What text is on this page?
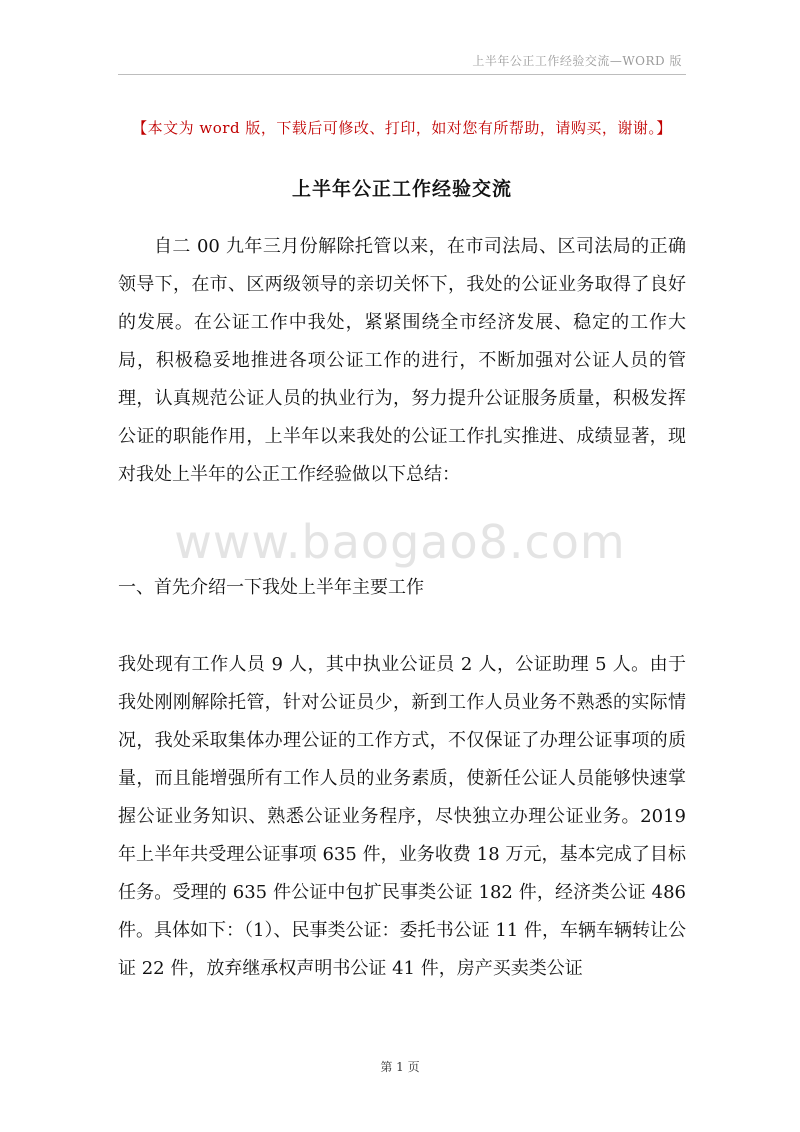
上半年公正工作经验交流—WORD 版
【本文为 word 版，下载后可修改、打印，如对您有所帮助，请购买，谢谢。】
上半年公正工作经验交流

自二 00 九年三月份解除托管以来，在市司法局、区司法局的正确领导下，在市、区两级领导的亲切关怀下，我处的公证业务取得了良好的发展。在公证工作中我处，紧紧围绕全市经济发展、稳定的工作大局，积极稳妥地推进各项公证工作的进行，不断加强对公证人员的管理，认真规范公证人员的执业行为，努力提升公证服务质量，积极发挥公证的职能作用，上半年以来我处的公证工作扎实推进、成绩显著，现对我处上半年的公正工作经验做以下总结：

www.baogao8.com
一、首先介绍一下我处上半年主要工作

我处现有工作人员 9 人，其中执业公证员 2 人，公证助理 5 人。由于我处刚刚解除托管，针对公证员少，新到工作人员业务不熟悉的实际情况，我处采取集体办理公证的工作方式，不仅保证了办理公证事项的质量，而且能增强所有工作人员的业务素质，使新任公证人员能够快速掌握公证业务知识、熟悉公证业务程序，尽快独立办理公证业务。2019 年上半年共受理公证事项 635 件，业务收费 18 万元，基本完成了目标任务。受理的 635 件公证中包扩民事类公证 182 件，经济类公证 486 件。具体如下：（1）、民事类公证：委托书公证 11 件，车辆车辆转让公证 22 件，放弃继承权声明书公证 41 件，房产买卖类公证

第 1 页
